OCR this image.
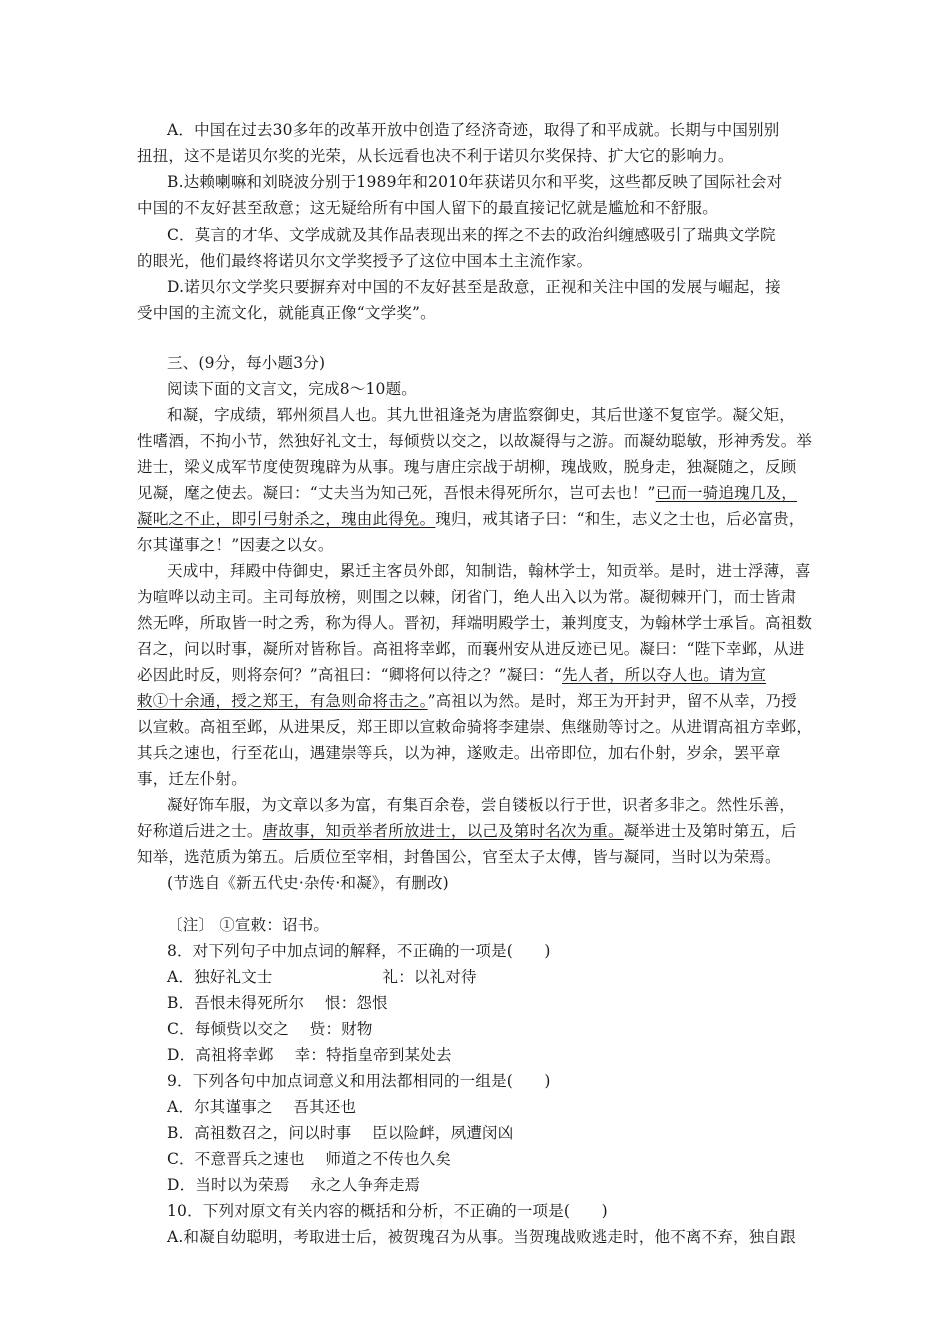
A．中国在过去30多年的改革开放中创造了经济奇迹，取得了和平成就。长期与中国别别
扭扭，这不是诺贝尔奖的光荣，从长远看也决不利于诺贝尔奖保持、扩大它的影响力。
B.达赖喇嘛和刘晓波分别于1989年和2010年获诺贝尔和平奖，这些都反映了国际社会对
中国的不友好甚至敌意；这无疑给所有中国人留下的最直接记忆就是尴尬和不舒服。
C．莫言的才华、文学成就及其作品表现出来的挥之不去的政治纠缠感吸引了瑞典文学院
的眼光，他们最终将诺贝尔文学奖授予了这位中国本土主流作家。
D.诺贝尔文学奖只要摒弃对中国的不友好甚至是敌意，正视和关注中国的发展与崛起，接
受中国的主流文化，就能真正像“文学奖”。
三、(9分，每小题3分)
阅读下面的文言文，完成8～10题。
和凝，字成绩，郓州须昌人也。其九世祖逢尧为唐监察御史，其后世遂不复宦学。凝父矩，
性嗜酒，不拘小节，然独好礼文士，每倾赀以交之，以故凝得与之游。而凝幼聪敏，形神秀发。举
进士，梁义成军节度使贺瑰辟为从事。瑰与唐庄宗战于胡柳，瑰战败，脱身走，独凝随之，反顾
见凝，麾之使去。凝曰：“丈夫当为知己死，吾恨未得死所尔，岂可去也！”已而一骑追瑰几及，
凝叱之不止，即引弓射杀之，瑰由此得免。瑰归，戒其诸子曰：“和生，志义之士也，后必富贵，
尔其谨事之！”因妻之以女。
天成中，拜殿中侍御史，累迁主客员外郎，知制诰，翰林学士，知贡举。是时，进士浮薄，喜
为喧哗以动主司。主司每放榜，则围之以棘，闭省门，绝人出入以为常。凝彻棘开门，而士皆肃
然无哗，所取皆一时之秀，称为得人。晋初，拜端明殿学士，兼判度支，为翰林学士承旨。高祖数
召之，问以时事，凝所对皆称旨。高祖将幸邺，而襄州安从进反迹已见。凝曰：“陛下幸邺，从进
必因此时反，则将奈何？”高祖曰：“卿将何以待之？”凝曰：“先人者，所以夺人也。请为宣
敕①十余通，授之郑王，有急则命将击之。”高祖以为然。是时，郑王为开封尹，留不从幸，乃授
以宣敕。高祖至邺，从进果反，郑王即以宣敕命骑将李建崇、焦继勋等讨之。从进谓高祖方幸邺，
其兵之速也，行至花山，遇建崇等兵，以为神，遂败走。出帝即位，加右仆射，岁余，罢平章
事，迁左仆射。
凝好饰车服，为文章以多为富，有集百余卷，尝自镂板以行于世，识者多非之。然性乐善，
好称道后进之士。唐故事，知贡举者所放进士，以己及第时名次为重。凝举进士及第时第五，后
知举，选范质为第五。后质位至宰相，封鲁国公，官至太子太傅，皆与凝同，当时以为荣焉。
(节选自《新五代史·杂传·和凝》，有删改)
〔注〕 ①宣敕：诏书。
8．对下列句子中加点词的解释，不正确的一项是(　　)
A．独好礼文士　　　　　　　礼：以礼对待
B．吾恨未得死所尔　 恨：怨恨
C．每倾赀以交之　 赀：财物
D．高祖将幸邺　 幸：特指皇帝到某处去
9．下列各句中加点词意义和用法都相同的一组是(　　)
A．尔其谨事之　 吾其还也
B．高祖数召之，问以时事　 臣以险衅，夙遭闵凶
C．不意晋兵之速也　 师道之不传也久矣
D．当时以为荣焉　 永之人争奔走焉
10．下列对原文有关内容的概括和分析，不正确的一项是(　　)
A.和凝自幼聪明，考取进士后，被贺瑰召为从事。当贺瑰战败逃走时，他不离不弃，独自跟
